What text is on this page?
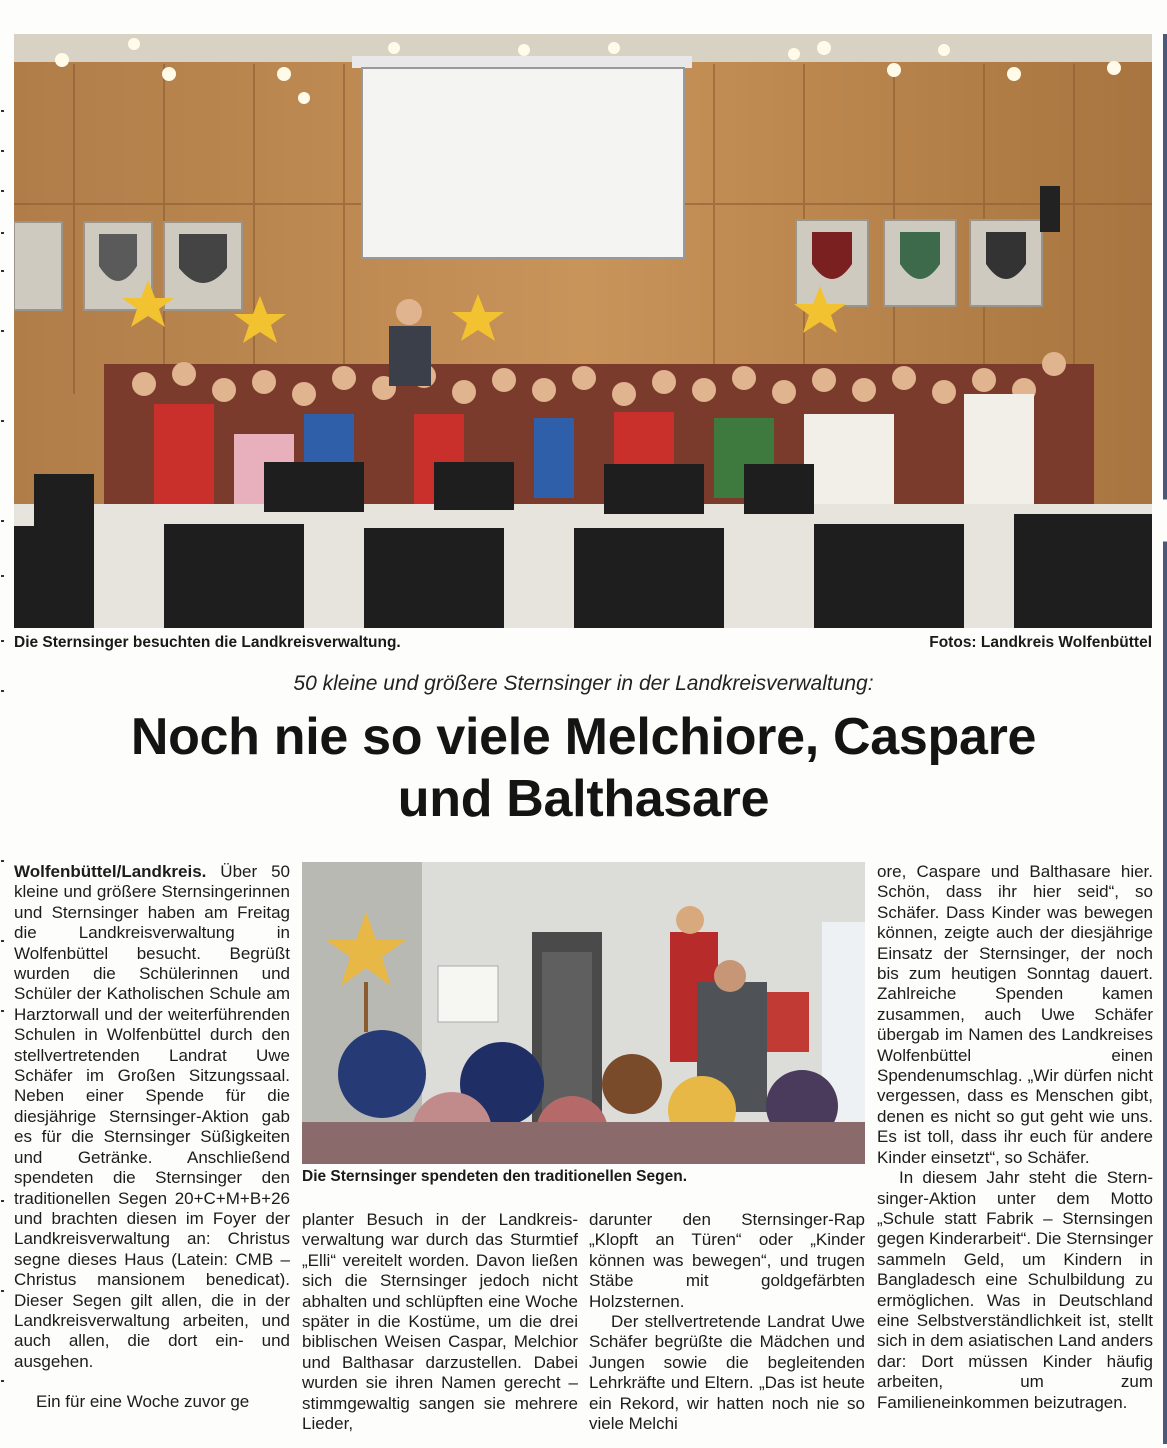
Die Sternsinger besuchten die Landkreisverwaltung.	Fotos: Landkreis Wolfenbüttel
50 kleine und größere Sternsinger in der Landkreisverwaltung:
Noch nie so viele Melchiore, Caspare
und Balthasare

Wolfenbüttel/Landkreis. Über 50 kleine und größere Sternsingerinnen und Sternsinger haben am Freitag die Landkreisverwaltung in Wolfenbüttel besucht. Begrüßt wurden die Schülerinnen und Schüler der Katholischen Schule am Harztorwall und der weiterführenden Schulen in Wolfenbüttel durch den stellvertretenden Landrat Uwe Schäfer im Großen Sitzungssaal. Neben einer Spende für die diesjährige Sternsinger-Aktion gab es für die Sternsinger Süßigkeiten und Getränke. Anschließend spendeten die Sternsinger den traditionellen Segen 20+C+M+B+26 und brachten diesen im Foyer der Landkreisverwaltung an: Christus segne dieses Haus (Latein: CMB – Christus mansionem benedicat). Dieser Segen gilt allen, die in der Landkreisverwaltung arbeiten, und auch allen, die dort ein- und ausgehen.

Ein für eine Woche zuvor ge

Die Sternsinger spendeten den traditionellen Segen.

planter Besuch in der Landkreisverwaltung war durch das Sturmtief „Elli“ vereitelt worden. Davon ließen sich die Sternsinger jedoch nicht abhalten und schlüpften eine Woche später in die Kostüme, um die drei biblischen Weisen Caspar, Melchior und Balthasar darzustellen. Dabei wurden sie ihren Namen gerecht – stimmgewaltig sangen sie mehrere Lieder,

darunter den Sternsinger-Rap „Klopft an Türen“ oder „Kinder können was bewegen“, und trugen Stäbe mit goldgefärbten Holzsternen.

Der stellvertretende Landrat Uwe Schäfer begrüßte die Mädchen und Jungen sowie die begleitenden Lehrkräfte und Eltern. „Das ist heute ein Rekord, wir hatten noch nie so viele Melchi

ore, Caspare und Balthasare hier. Schön, dass ihr hier seid“, so Schäfer. Dass Kinder was bewegen können, zeigte auch der diesjährige Einsatz der Sternsinger, der noch bis zum heutigen Sonntag dauert. Zahlreiche Spenden kamen zusammen, auch Uwe Schäfer übergab im Namen des Landkreises Wolfenbüttel einen Spendenumschlag. „Wir dürfen nicht vergessen, dass es Menschen gibt, denen es nicht so gut geht wie uns. Es ist toll, dass ihr euch für andere Kinder einsetzt“, so Schäfer.

In diesem Jahr steht die Sternsinger-Aktion unter dem Motto „Schule statt Fabrik – Sternsingen gegen Kinderarbeit“. Die Sternsinger sammeln Geld, um Kindern in Bangladesch eine Schulbildung zu ermöglichen. Was in Deutschland eine Selbstverständlichkeit ist, stellt sich in dem asiatischen Land anders dar: Dort müssen Kinder häufig arbeiten, um zum Familieneinkommen beizutragen.
